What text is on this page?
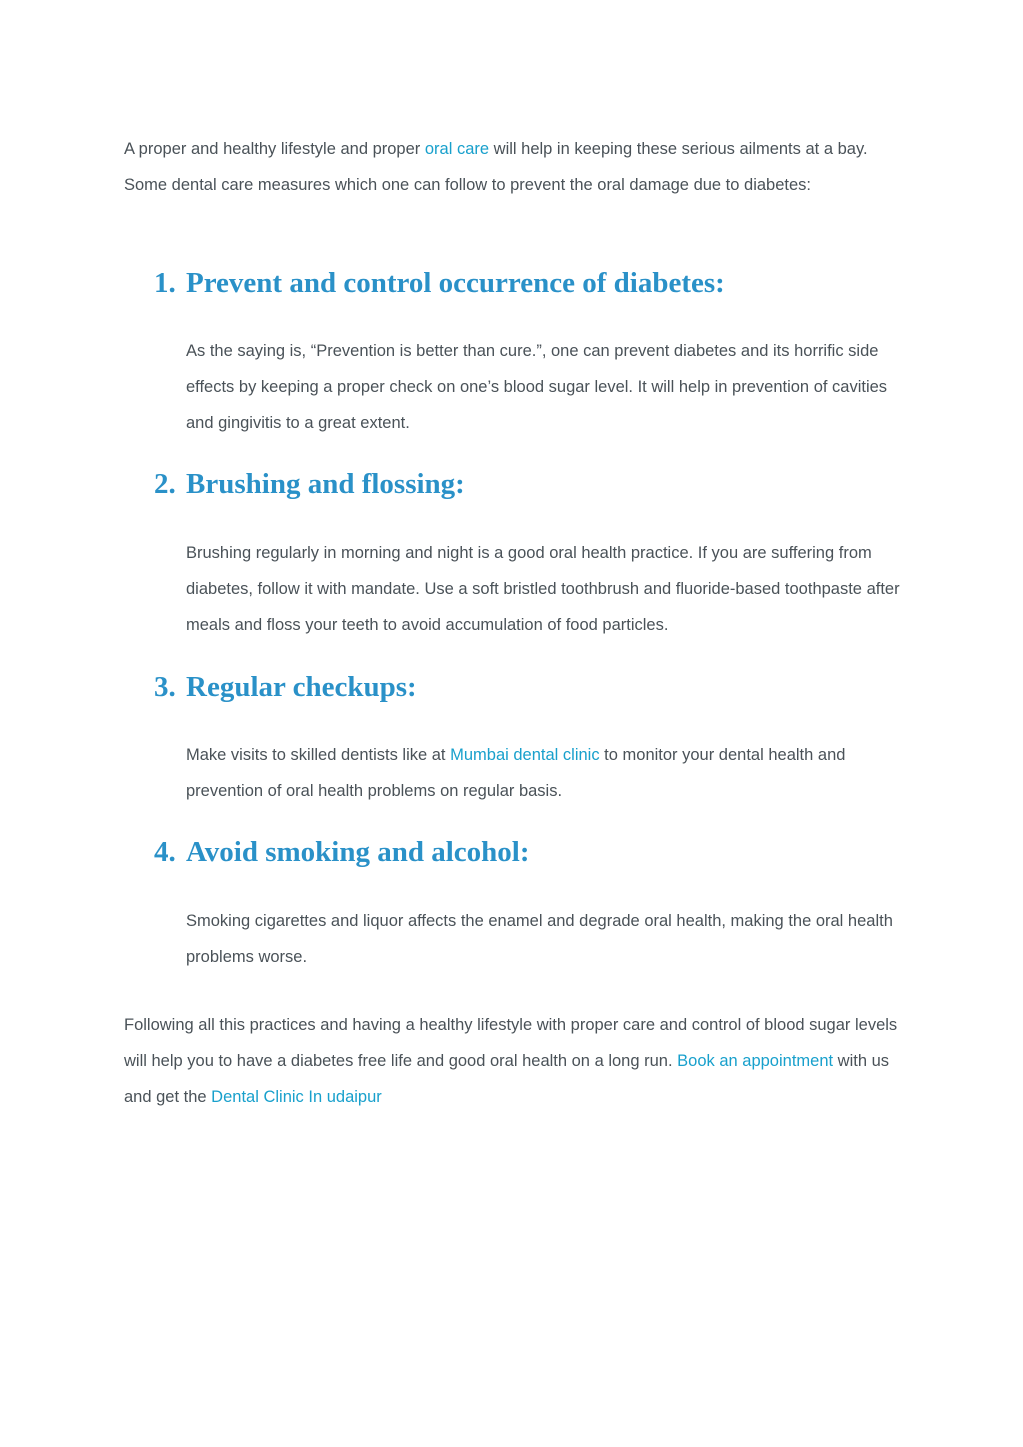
A proper and healthy lifestyle and proper oral care will help in keeping these serious ailments at a bay. Some dental care measures which one can follow to prevent the oral damage due to diabetes:

1. Prevent and control occurrence of diabetes:

As the saying is, “Prevention is better than cure.”, one can prevent diabetes and its horrific side effects by keeping a proper check on one’s blood sugar level. It will help in prevention of cavities and gingivitis to a great extent.

2. Brushing and flossing:

Brushing regularly in morning and night is a good oral health practice. If you are suffering from diabetes, follow it with mandate. Use a soft bristled toothbrush and fluoride-based toothpaste after meals and floss your teeth to avoid accumulation of food particles.

3. Regular checkups:

Make visits to skilled dentists like at Mumbai dental clinic to monitor your dental health and prevention of oral health problems on regular basis.

4. Avoid smoking and alcohol:

Smoking cigarettes and liquor affects the enamel and degrade oral health, making the oral health problems worse.

Following all this practices and having a healthy lifestyle with proper care and control of blood sugar levels will help you to have a diabetes free life and good oral health on a long run. Book an appointment with us and get the Dental Clinic In udaipur
